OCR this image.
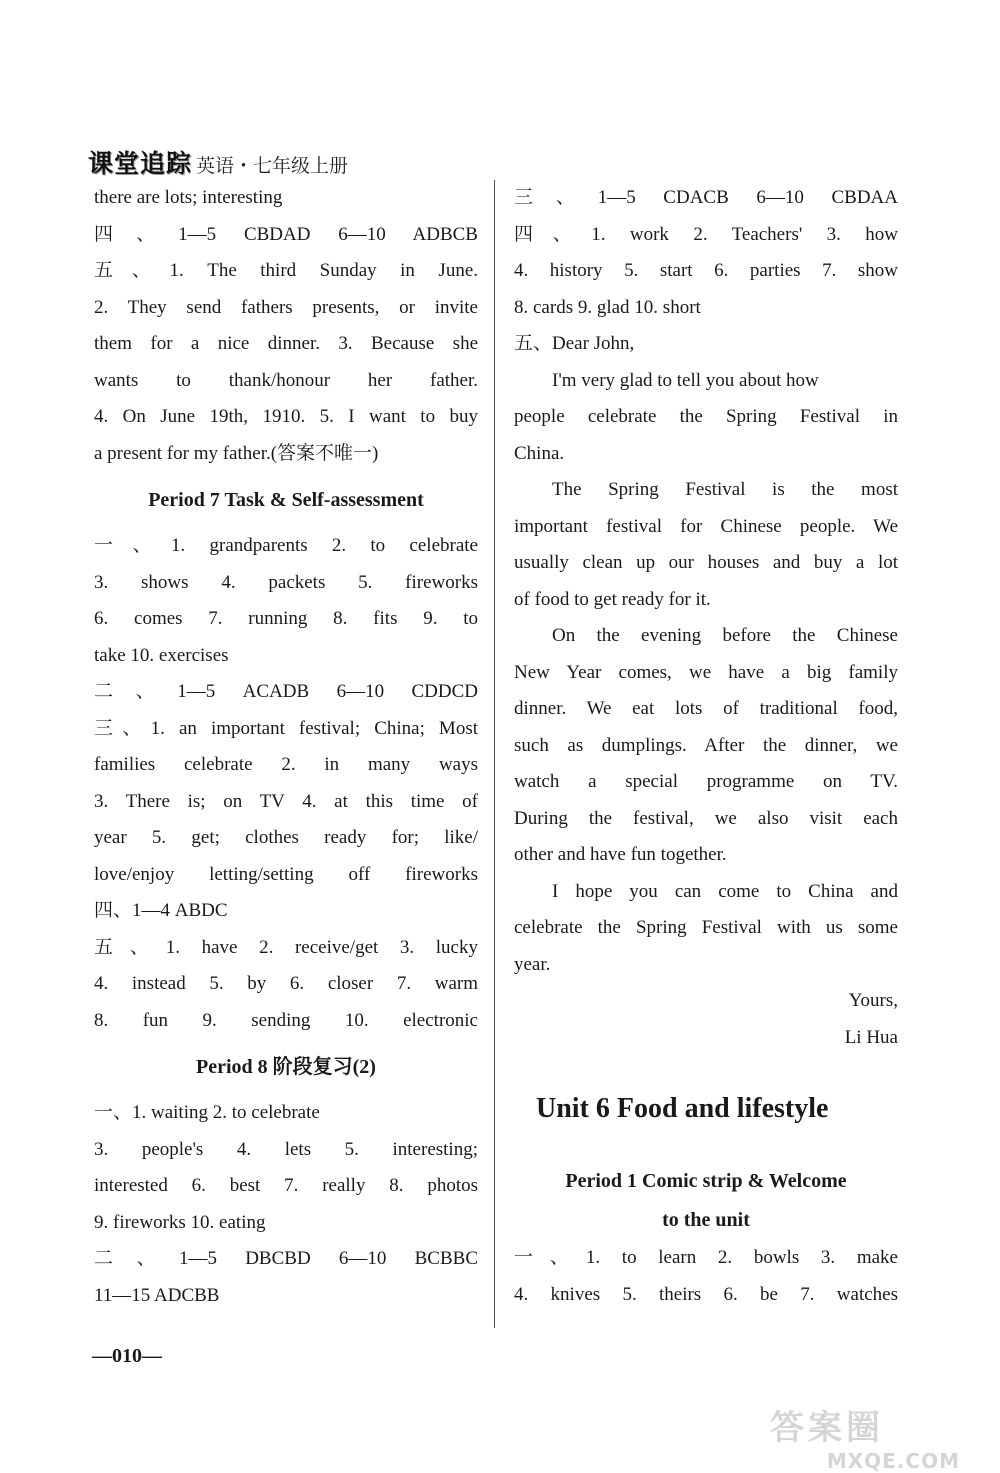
课堂追踪 英语・七年级上册
there are lots; interesting
四、1—5 CBDAD 6—10 ADBCB
五、1. The third Sunday in June.
2. They send fathers presents, or invite
them for a nice dinner. 3. Because she
wants to thank/honour her father.
4. On June 19th, 1910. 5. I want to buy
a present for my father.(答案不唯一)
Period 7 Task & Self-assessment
一、1. grandparents 2. to celebrate
3. shows 4. packets 5. fireworks
6. comes 7. running 8. fits 9. to
take 10. exercises
二、1—5 ACADB 6—10 CDDCD
三、1. an important festival; China; Most
families celebrate 2. in many ways
3. There is; on TV 4. at this time of
year 5. get; clothes ready for; like/
love/enjoy letting/setting off fireworks
四、1—4 ABDC
五、1. have 2. receive/get 3. lucky
4. instead 5. by 6. closer 7. warm
8. fun 9. sending 10. electronic
Period 8 阶段复习(2)
一、1. waiting 2. to celebrate
3. people's 4. lets 5. interesting;
interested 6. best 7. really 8. photos
9. fireworks 10. eating
二、1—5 DBCBD 6—10 BCBBC
11—15 ADCBB
三、1—5 CDACB 6—10 CBDAA
四、1. work 2. Teachers' 3. how
4. history 5. start 6. parties 7. show
8. cards 9. glad 10. short
五、Dear John,
I'm very glad to tell you about how
people celebrate the Spring Festival in
China.
The Spring Festival is the most
important festival for Chinese people. We
usually clean up our houses and buy a lot
of food to get ready for it.
On the evening before the Chinese
New Year comes, we have a big family
dinner. We eat lots of traditional food,
such as dumplings. After the dinner, we
watch a special programme on TV.
During the festival, we also visit each
other and have fun together.
I hope you can come to China and
celebrate the Spring Festival with us some
year.
Yours,
Li Hua
Unit 6 Food and lifestyle
Period 1 Comic strip & Welcome
to the unit
一、1. to learn 2. bowls 3. make
4. knives 5. theirs 6. be 7. watches
—010—
答案圈
MXQE.COM
